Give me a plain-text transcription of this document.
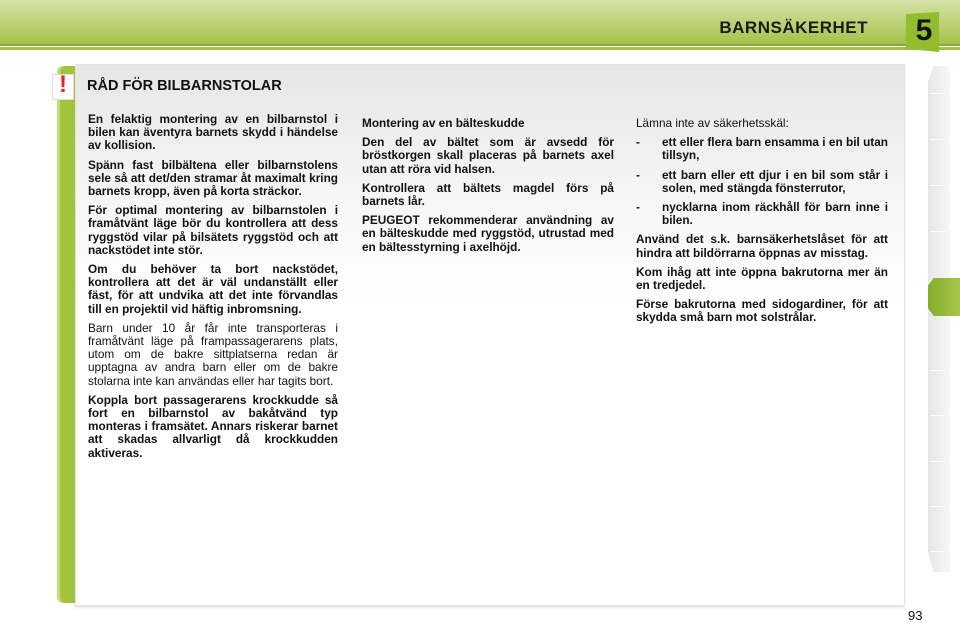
BARNSÄKERHET 5
!	RÅD FÖR BILBARNSTOLAR

En felaktig montering av en bilbarnstol i bilen kan äventyra barnets skydd i händelse av kollision.

Spänn fast bilbältena eller bilbarnstolens sele så att det/den stramar åt maximalt kring barnets kropp, även på korta sträckor.

För optimal montering av bilbarnstolen i framåtvänt läge bör du kontrollera att dess ryggstöd vilar på bilsätets ryggstöd och att nackstödet inte stör.

Om du behöver ta bort nackstödet, kontrollera att det är väl undanställt eller fäst, för att undvika att det inte förvandlas till en projektil vid häftig inbromsning.

Barn under 10 år får inte transporteras i framåtvänt läge på frampassagerarens plats, utom om de bakre sittplatserna redan är upptagna av andra barn eller om de bakre stolarna inte kan användas eller har tagits bort.

Koppla bort passagerarens krockkudde så fort en bilbarnstol av bakåtvänd typ monteras i framsätet. Annars riskerar barnet att skadas allvarligt då krockkudden aktiveras.

Montering av en bälteskudde

Den del av bältet som är avsedd för bröstkorgen skall placeras på barnets axel utan att röra vid halsen.

Kontrollera att bältets magdel förs på barnets lår.

PEUGEOT rekommenderar användning av en bälteskudde med ryggstöd, utrustad med en bältesstyrning i axelhöjd.

Lämna inte av säkerhetsskäl:

-	ett eller flera barn ensamma i en bil utan tillsyn,
-	ett barn eller ett djur i en bil som står i solen, med stängda fönsterrutor,
-	nycklarna inom räckhåll för barn inne i bilen.

Använd det s.k. barnsäkerhetslåset för att hindra att bildörrarna öppnas av misstag.

Kom ihåg att inte öppna bakrutorna mer än en tredjedel.

Förse bakrutorna med sidogardiner, för att skydda små barn mot solstrålar.

93
